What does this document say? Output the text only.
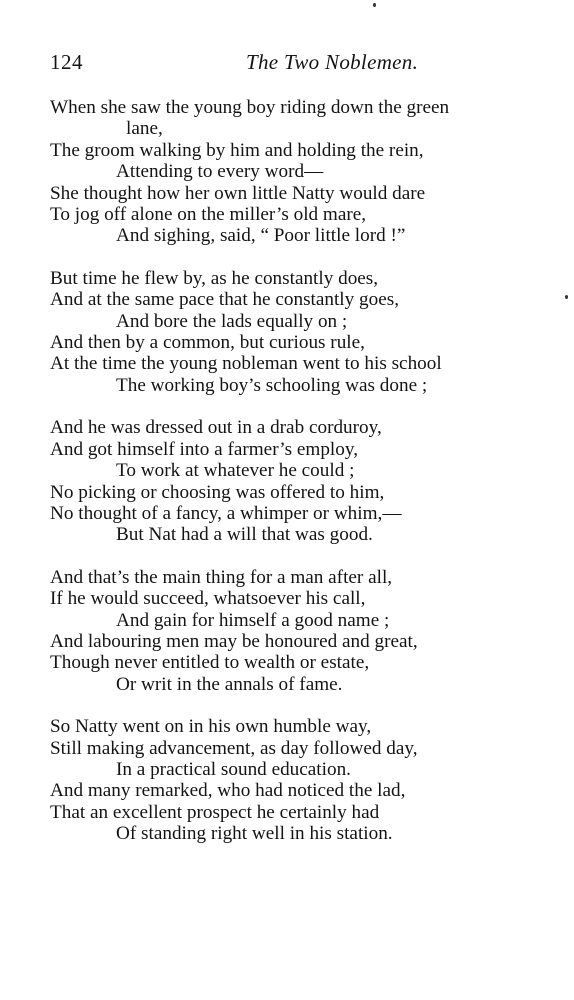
124	The Two Noblemen.
When she saw the young boy riding down the green
lane,
The groom walking by him and holding the rein,
Attending to every word—
She thought how her own little Natty would dare
To jog off alone on the miller’s old mare,
And sighing, said, “ Poor little lord !”
But time he flew by, as he constantly does,
And at the same pace that he constantly goes,
And bore the lads equally on ;
And then by a common, but curious rule,
At the time the young nobleman went to his school
The working boy’s schooling was done ;
And he was dressed out in a drab corduroy,
And got himself into a farmer’s employ,
To work at whatever he could ;
No picking or choosing was offered to him,
No thought of a fancy, a whimper or whim,—
But Nat had a will that was good.
And that’s the main thing for a man after all,
If he would succeed, whatsoever his call,
And gain for himself a good name ;
And labouring men may be honoured and great,
Though never entitled to wealth or estate,
Or writ in the annals of fame.
So Natty went on in his own humble way,
Still making advancement, as day followed day,
In a practical sound education.
And many remarked, who had noticed the lad,
That an excellent prospect he certainly had
Of standing right well in his station.
